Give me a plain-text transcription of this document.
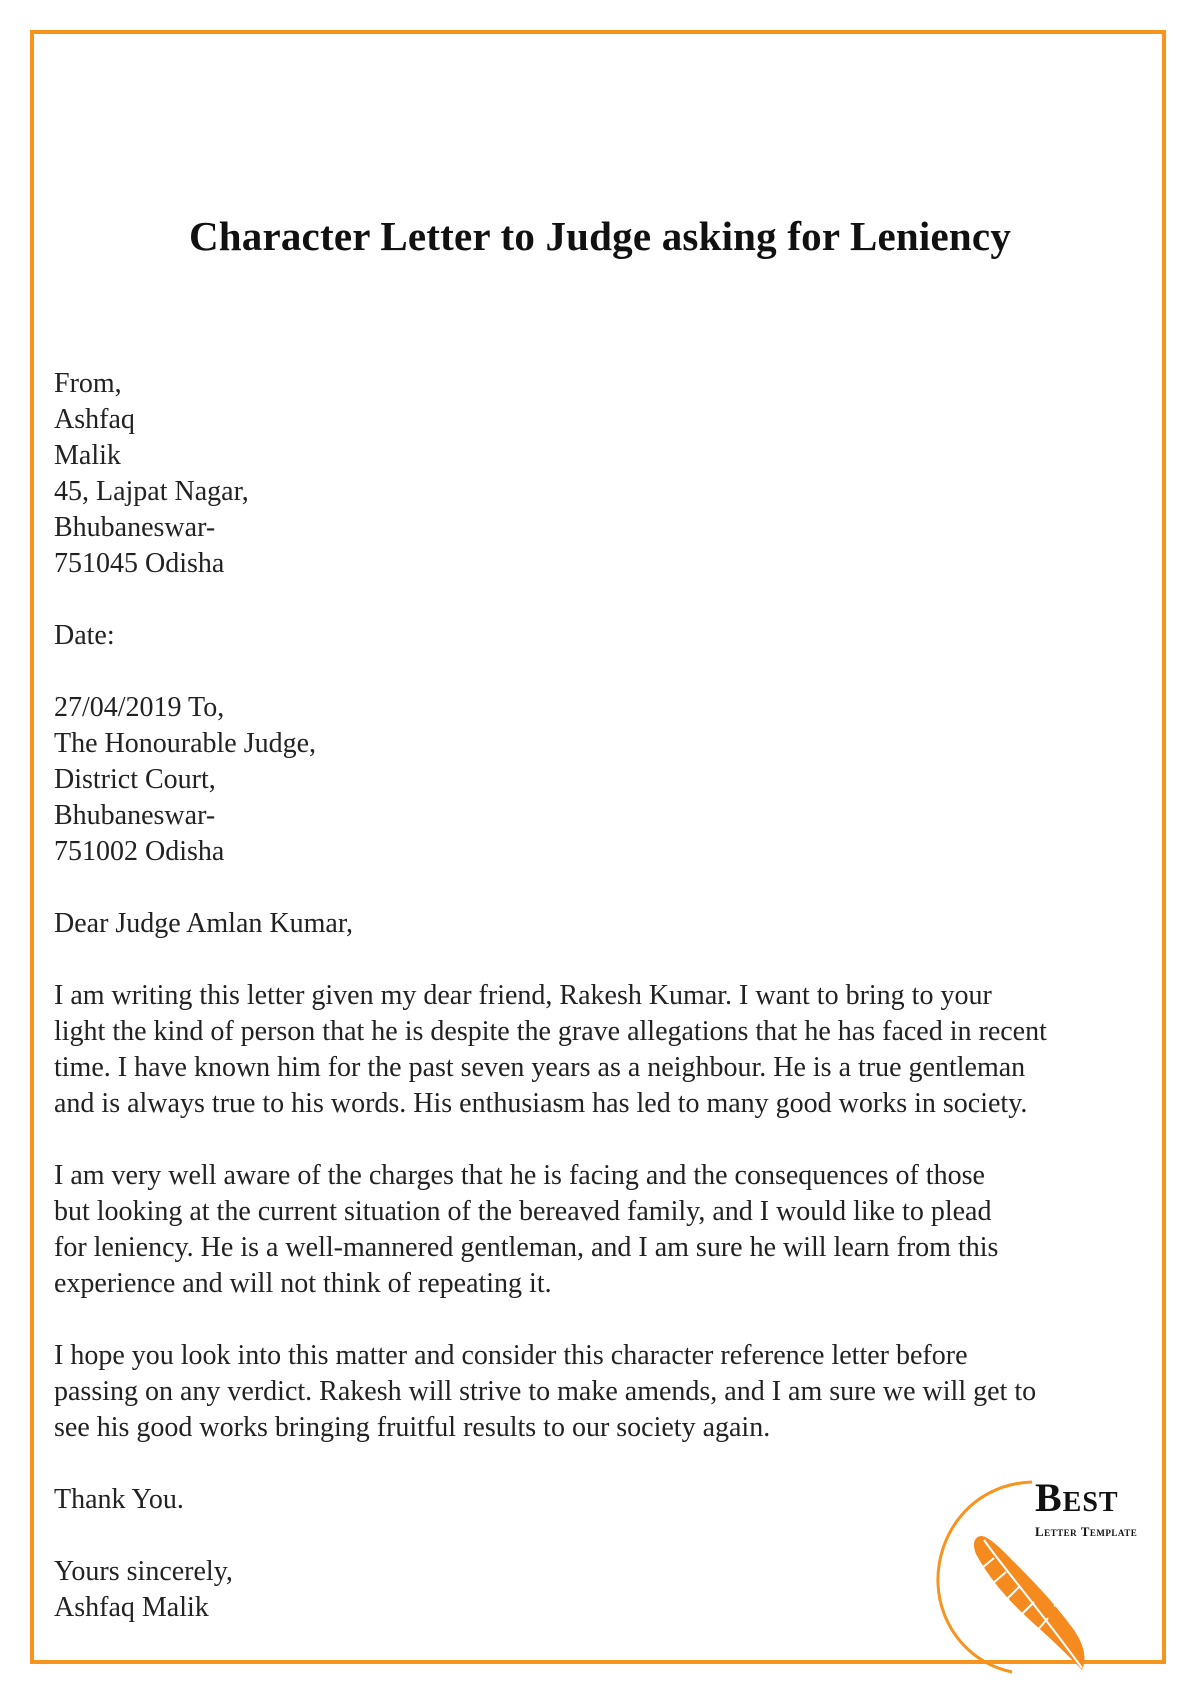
Character Letter to Judge asking for Leniency
From,
Ashfaq
Malik
45, Lajpat Nagar,
Bhubaneswar-
751045 Odisha
Date:
27/04/2019 To,
The Honourable Judge,
District Court,
Bhubaneswar-
751002 Odisha
Dear Judge Amlan Kumar,
I am writing this letter given my dear friend, Rakesh Kumar. I want to bring to your
light the kind of person that he is despite the grave allegations that he has faced in recent
time. I have known him for the past seven years as a neighbour. He is a true gentleman
and is always true to his words. His enthusiasm has led to many good works in society.
I am very well aware of the charges that he is facing and the consequences of those
but looking at the current situation of the bereaved family, and I would like to plead
for leniency. He is a well-mannered gentleman, and I am sure he will learn from this
experience and will not think of repeating it.
I hope you look into this matter and consider this character reference letter before
passing on any verdict. Rakesh will strive to make amends, and I am sure we will get to
see his good works bringing fruitful results to our society again.
Thank You.
Yours sincerely,
Ashfaq Malik
Best
Letter Template
